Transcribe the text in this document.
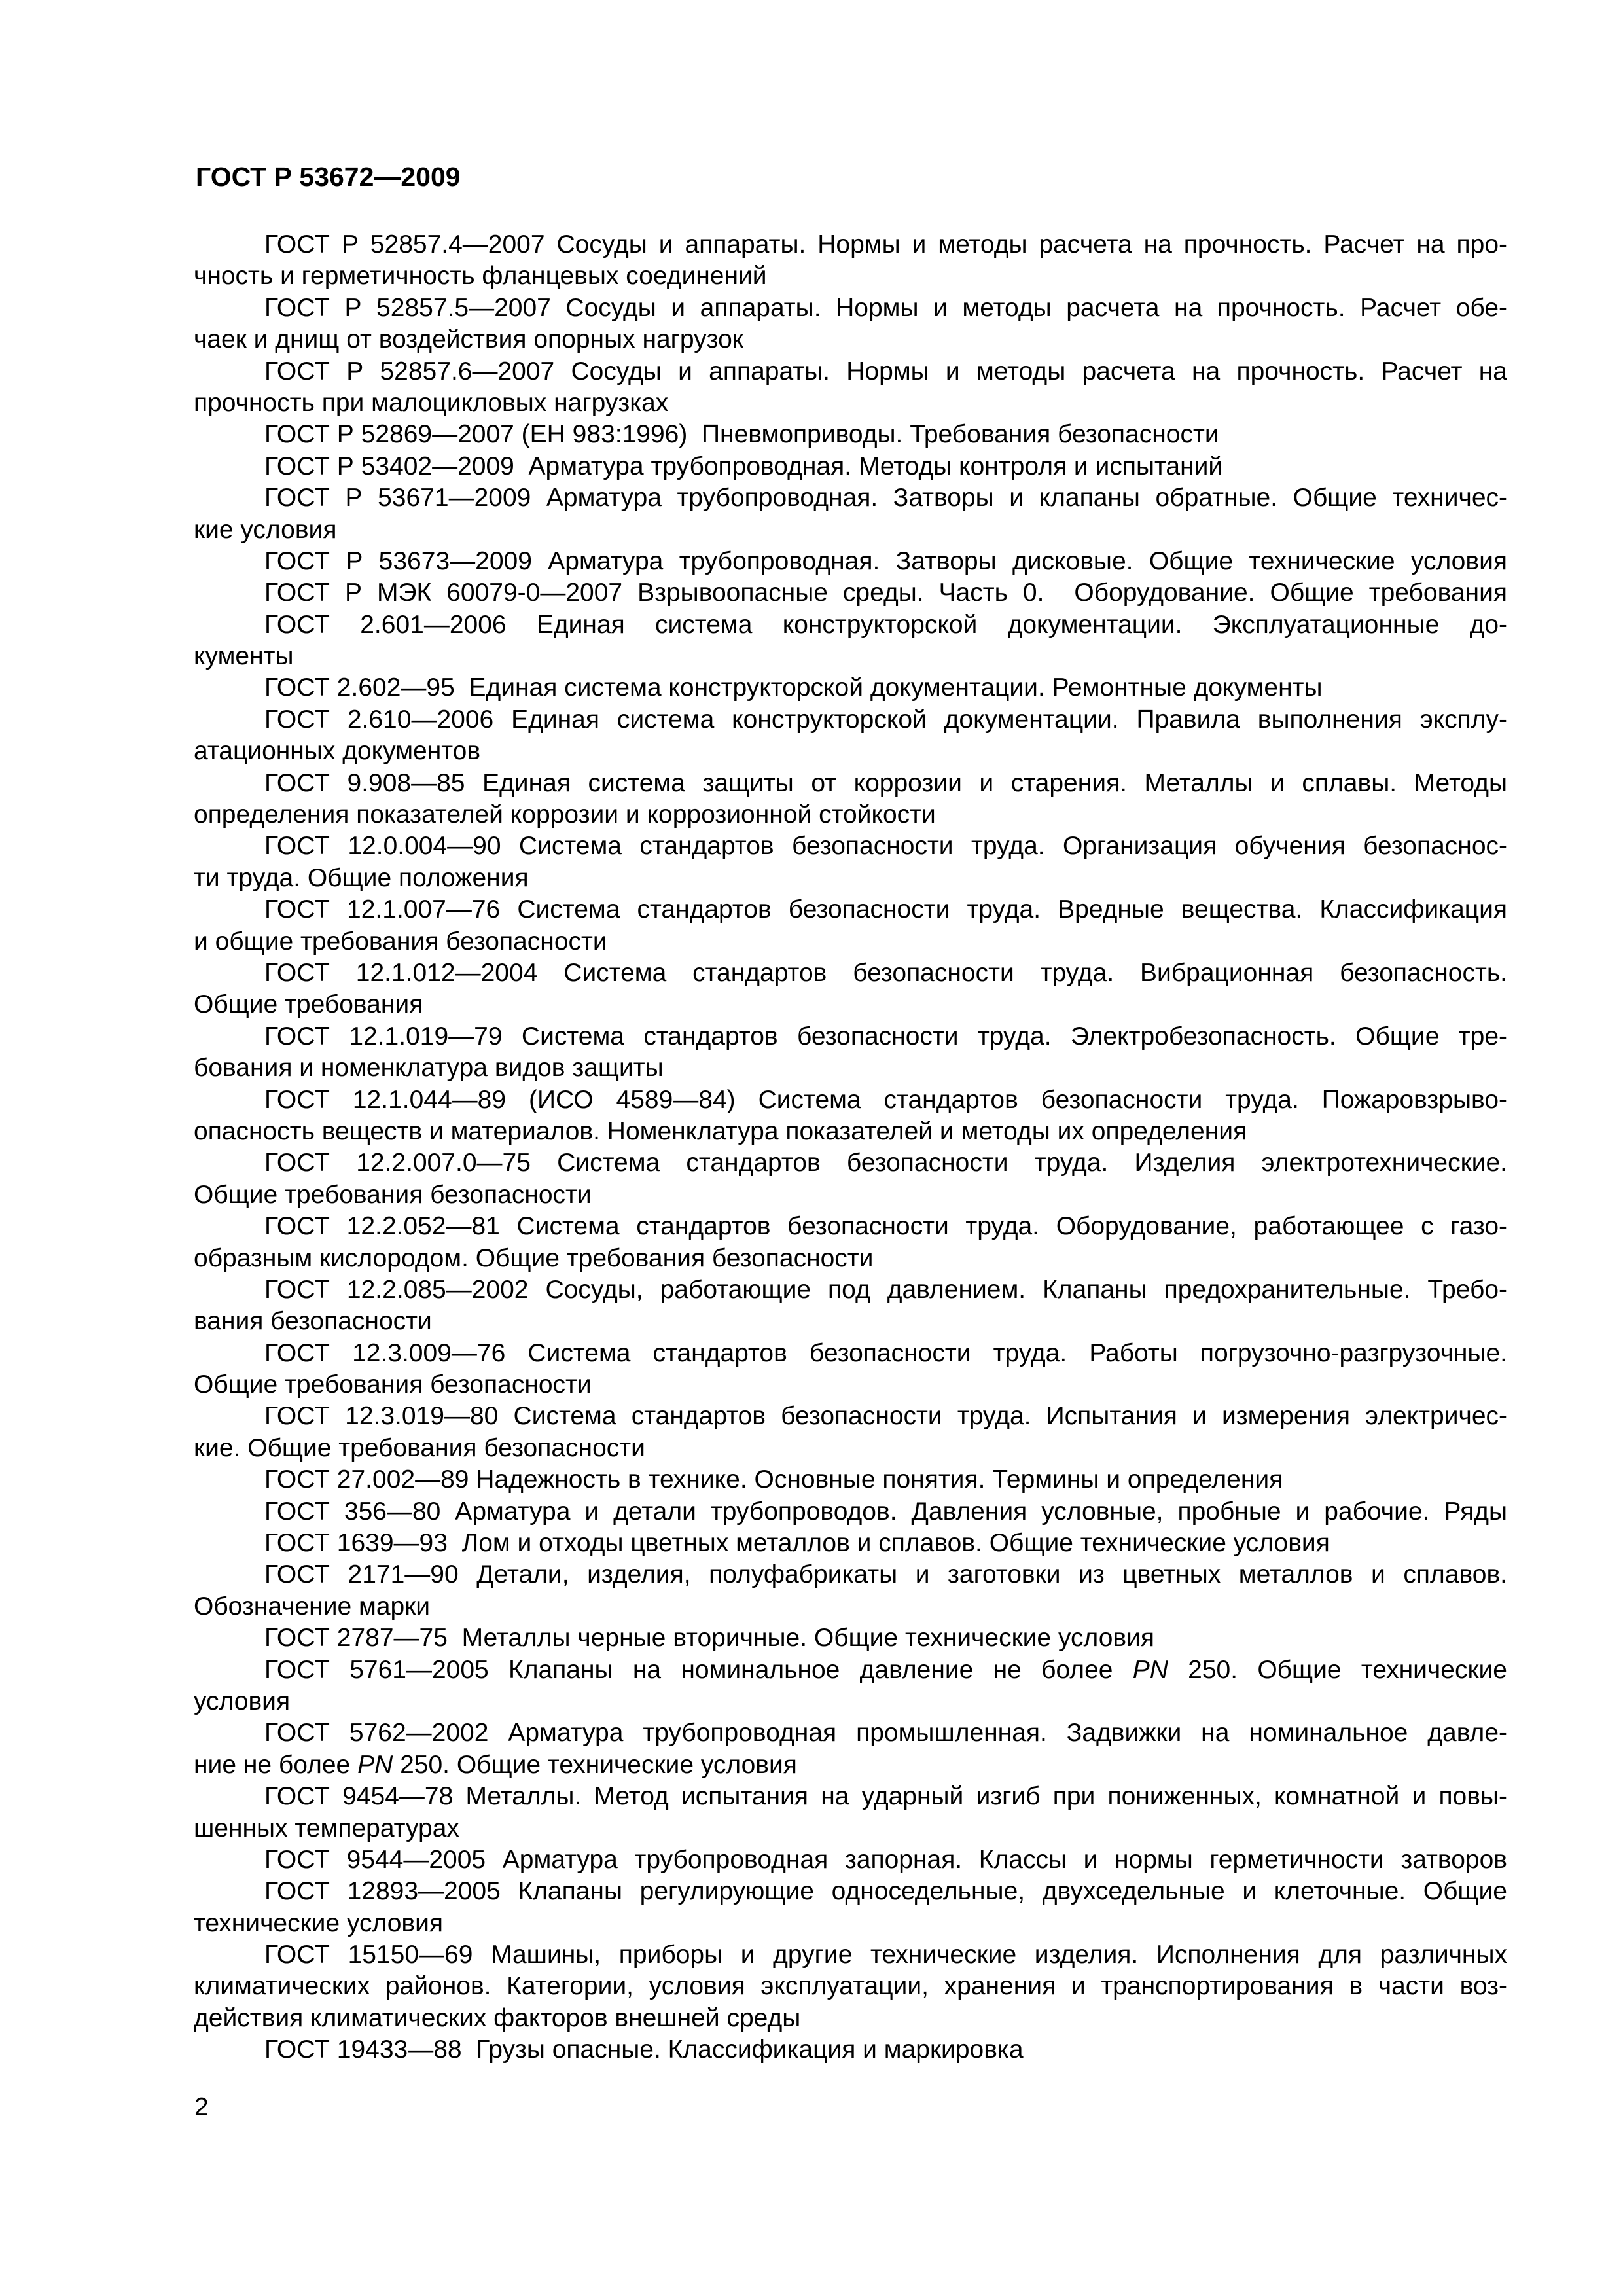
ГОСТ Р 53672—2009
ГОСТ Р 52857.4—2007 Сосуды и аппараты. Нормы и методы расчета на прочность. Расчет на про-
чность и герметичность фланцевых соединений
ГОСТ Р 52857.5—2007 Сосуды и аппараты. Нормы и методы расчета на прочность. Расчет обе-
чаек и днищ от воздействия опорных нагрузок
ГОСТ Р 52857.6—2007 Сосуды и аппараты. Нормы и методы расчета на прочность. Расчет на
прочность при малоцикловых нагрузках
ГОСТ Р 52869—2007 (ЕН 983:1996)  Пневмоприводы. Требования безопасности
ГОСТ Р 53402—2009  Арматура трубопроводная. Методы контроля и испытаний
ГОСТ Р 53671—2009 Арматура трубопроводная. Затворы и клапаны обратные. Общие техничес-
кие условия
ГОСТ Р 53673—2009 Арматура трубопроводная. Затворы дисковые. Общие технические условия
ГОСТ Р МЭК 60079-0—2007 Взрывоопасные среды. Часть 0.  Оборудование. Общие требования
ГОСТ 2.601—2006 Единая система конструкторской документации. Эксплуатационные до-
кументы
ГОСТ 2.602—95  Единая система конструкторской документации. Ремонтные документы
ГОСТ 2.610—2006 Единая система конструкторской документации. Правила выполнения эксплу-
атационных документов
ГОСТ 9.908—85 Единая система защиты от коррозии и старения. Металлы и сплавы. Методы
определения показателей коррозии и коррозионной стойкости
ГОСТ 12.0.004—90 Система стандартов безопасности труда. Организация обучения безопаснос-
ти труда. Общие положения
ГОСТ 12.1.007—76 Система стандартов безопасности труда. Вредные вещества. Классификация
и общие требования безопасности
ГОСТ 12.1.012—2004 Система стандартов безопасности труда. Вибрационная безопасность.
Общие требования
ГОСТ 12.1.019—79 Система стандартов безопасности труда. Электробезопасность. Общие тре-
бования и номенклатура видов защиты
ГОСТ 12.1.044—89 (ИСО 4589—84) Система стандартов безопасности труда. Пожаровзрыво-
опасность веществ и материалов. Номенклатура показателей и методы их определения
ГОСТ 12.2.007.0—75 Система стандартов безопасности труда. Изделия электротехнические.
Общие требования безопасности
ГОСТ 12.2.052—81 Система стандартов безопасности труда. Оборудование, работающее с газо-
образным кислородом. Общие требования безопасности
ГОСТ 12.2.085—2002 Сосуды, работающие под давлением. Клапаны предохранительные. Требо-
вания безопасности
ГОСТ 12.3.009—76 Система стандартов безопасности труда. Работы погрузочно-разгрузочные.
Общие требования безопасности
ГОСТ 12.3.019—80 Система стандартов безопасности труда. Испытания и измерения электричес-
кие. Общие требования безопасности
ГОСТ 27.002—89 Надежность в технике. Основные понятия. Термины и определения
ГОСТ 356—80 Арматура и детали трубопроводов. Давления условные, пробные и рабочие. Ряды
ГОСТ 1639—93  Лом и отходы цветных металлов и сплавов. Общие технические условия
ГОСТ 2171—90 Детали, изделия, полуфабрикаты и заготовки из цветных металлов и сплавов.
Обозначение марки
ГОСТ 2787—75  Металлы черные вторичные. Общие технические условия
ГОСТ 5761—2005 Клапаны на номинальное давление не более PN 250. Общие технические
условия
ГОСТ 5762—2002 Арматура трубопроводная промышленная. Задвижки на номинальное давле-
ние не более PN 250. Общие технические условия
ГОСТ 9454—78 Металлы. Метод испытания на ударный изгиб при пониженных, комнатной и повы-
шенных температурах
ГОСТ 9544—2005 Арматура трубопроводная запорная. Классы и нормы герметичности затворов
ГОСТ 12893—2005 Клапаны регулирующие односедельные, двухседельные и клеточные. Общие
технические условия
ГОСТ 15150—69 Машины, приборы и другие технические изделия. Исполнения для различных
климатических районов. Категории, условия эксплуатации, хранения и транспортирования в части воз-
действия климатических факторов внешней среды
ГОСТ 19433—88  Грузы опасные. Классификация и маркировка
2
